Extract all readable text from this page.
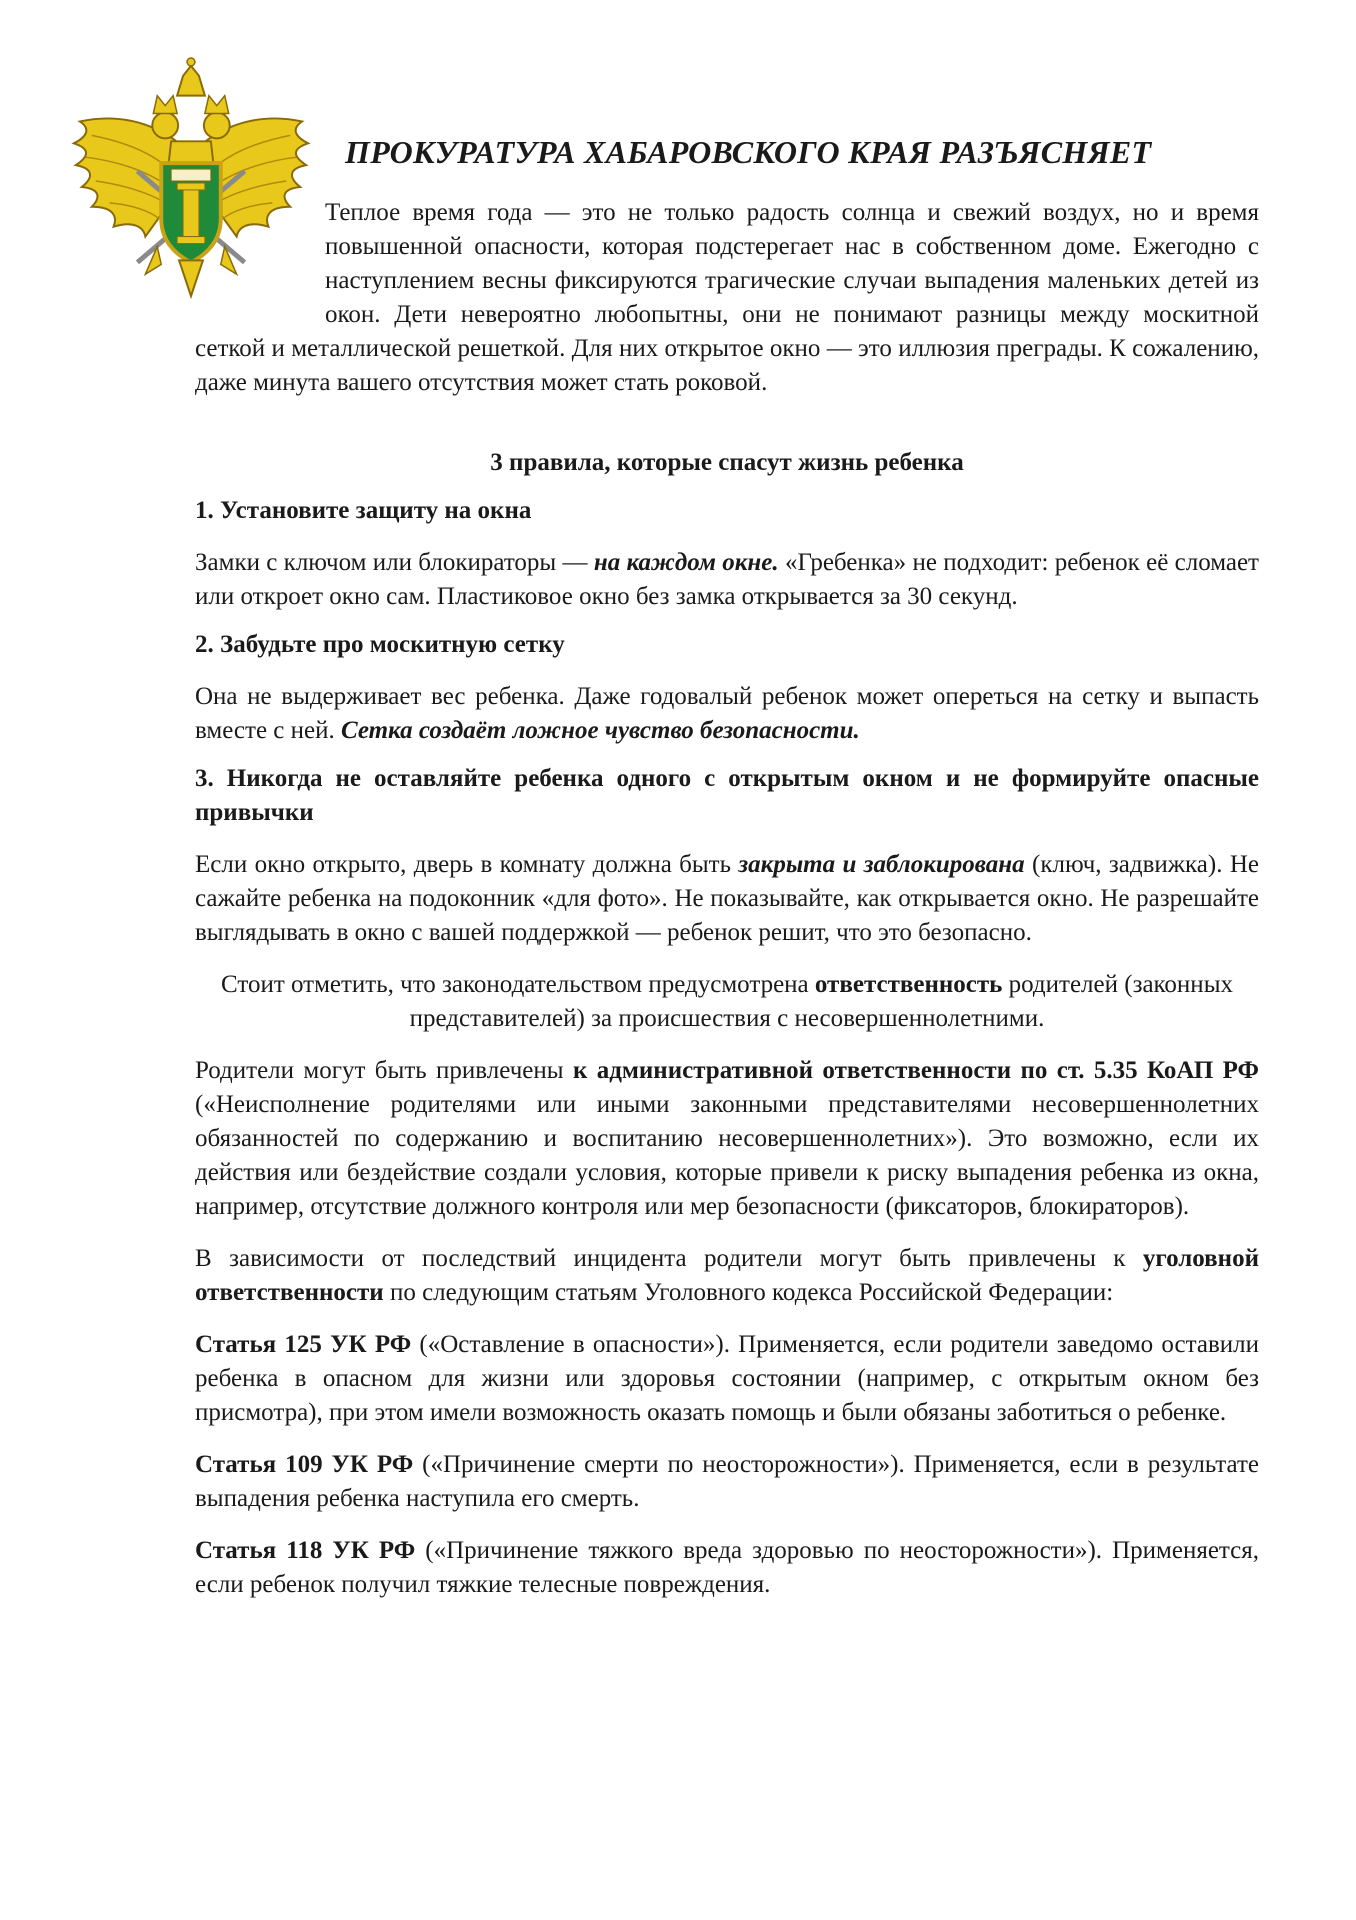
ПРОКУРАТУРА ХАБАРОВСКОГО КРАЯ РАЗЪЯСНЯЕТ

Теплое время года — это не только радость солнца и свежий воздух, но и время повышенной опасности, которая подстерегает нас в собственном доме. Ежегодно с наступлением весны фиксируются трагические случаи выпадения маленьких детей из окон. Дети невероятно любопытны, они не понимают разницы между москитной сеткой и металлической решеткой. Для них открытое окно — это иллюзия преграды. К сожалению, даже минута вашего отсутствия может стать роковой.

3 правила, которые спасут жизнь ребенка

1. Установите защиту на окна

Замки с ключом или блокираторы — на каждом окне. «Гребенка» не подходит: ребенок её сломает или откроет окно сам. Пластиковое окно без замка открывается за 30 секунд.

2. Забудьте про москитную сетку

Она не выдерживает вес ребенка. Даже годовалый ребенок может опереться на сетку и выпасть вместе с ней. Сетка создаёт ложное чувство безопасности.

3. Никогда не оставляйте ребенка одного с открытым окном и не формируйте опасные привычки

Если окно открыто, дверь в комнату должна быть закрыта и заблокирована (ключ, задвижка). Не сажайте ребенка на подоконник «для фото». Не показывайте, как открывается окно. Не разрешайте выглядывать в окно с вашей поддержкой — ребенок решит, что это безопасно.

Стоит отметить, что законодательством предусмотрена ответственность родителей (законных представителей) за происшествия с несовершеннолетними.

Родители могут быть привлечены к административной ответственности по ст. 5.35 КоАП РФ («Неисполнение родителями или иными законными представителями несовершеннолетних обязанностей по содержанию и воспитанию несовершеннолетних»). Это возможно, если их действия или бездействие создали условия, которые привели к риску выпадения ребенка из окна, например, отсутствие должного контроля или мер безопасности (фиксаторов, блокираторов).

В зависимости от последствий инцидента родители могут быть привлечены к уголовной ответственности по следующим статьям Уголовного кодекса Российской Федерации:

Статья 125 УК РФ («Оставление в опасности»). Применяется, если родители заведомо оставили ребенка в опасном для жизни или здоровья состоянии (например, с открытым окном без присмотра), при этом имели возможность оказать помощь и были обязаны заботиться о ребенке.

Статья 109 УК РФ («Причинение смерти по неосторожности»). Применяется, если в результате выпадения ребенка наступила его смерть.

Статья 118 УК РФ («Причинение тяжкого вреда здоровью по неосторожности»). Применяется, если ребенок получил тяжкие телесные повреждения.
